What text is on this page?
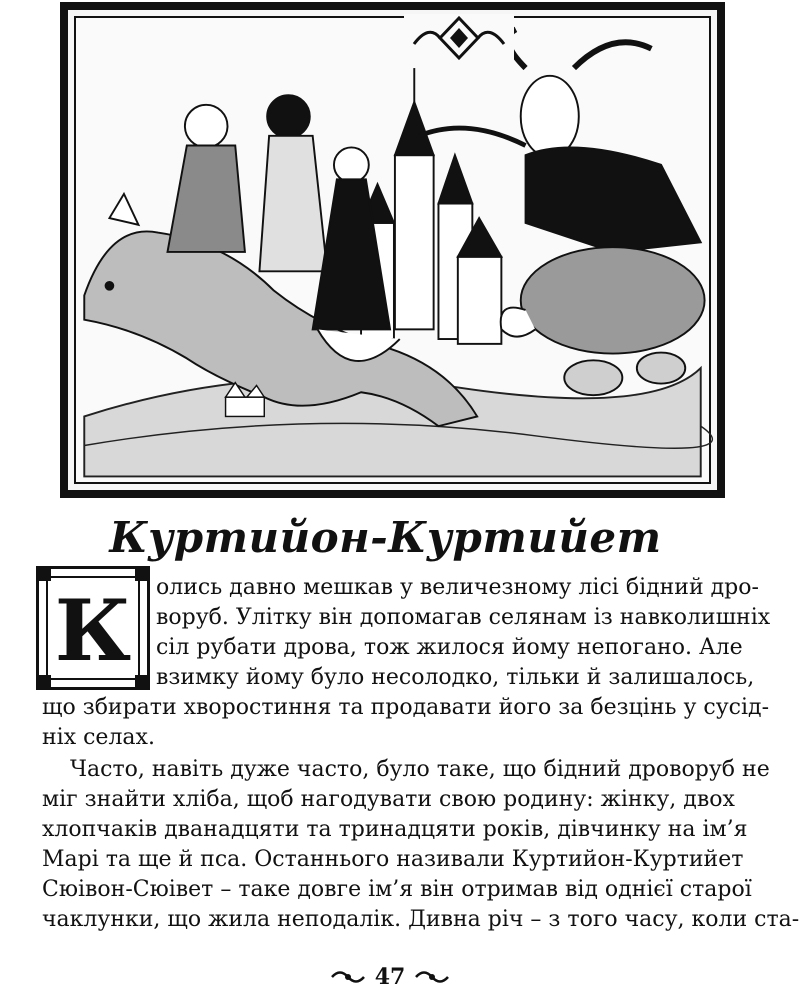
Куртийон-Куртийет
К	олись давно мешкав у величезному лісі бідний дро-
воруб. Улітку він допомагав селянам із навколишніх
сіл рубати дрова, тож жилося йому непогано. Але
взимку йому було несолодко, тільки й залишалось,
що збирати хворостиння та продавати його за безцінь у сусід-
ніх селах.
Часто, навіть дуже часто, було таке, що бідний дроворуб не
міг знайти хліба, щоб нагодувати свою родину: жінку, двох
хлопчаків дванадцяти та тринадцяти років, дівчинку на ім’я
Марі та ще й пса. Останнього називали Куртийон-Куртийет
Сюівон-Сюівет – таке довге ім’я він отримав від однієї старої
чаклунки, що жила неподалік. Дивна річ – з того часу, коли ста-
47
